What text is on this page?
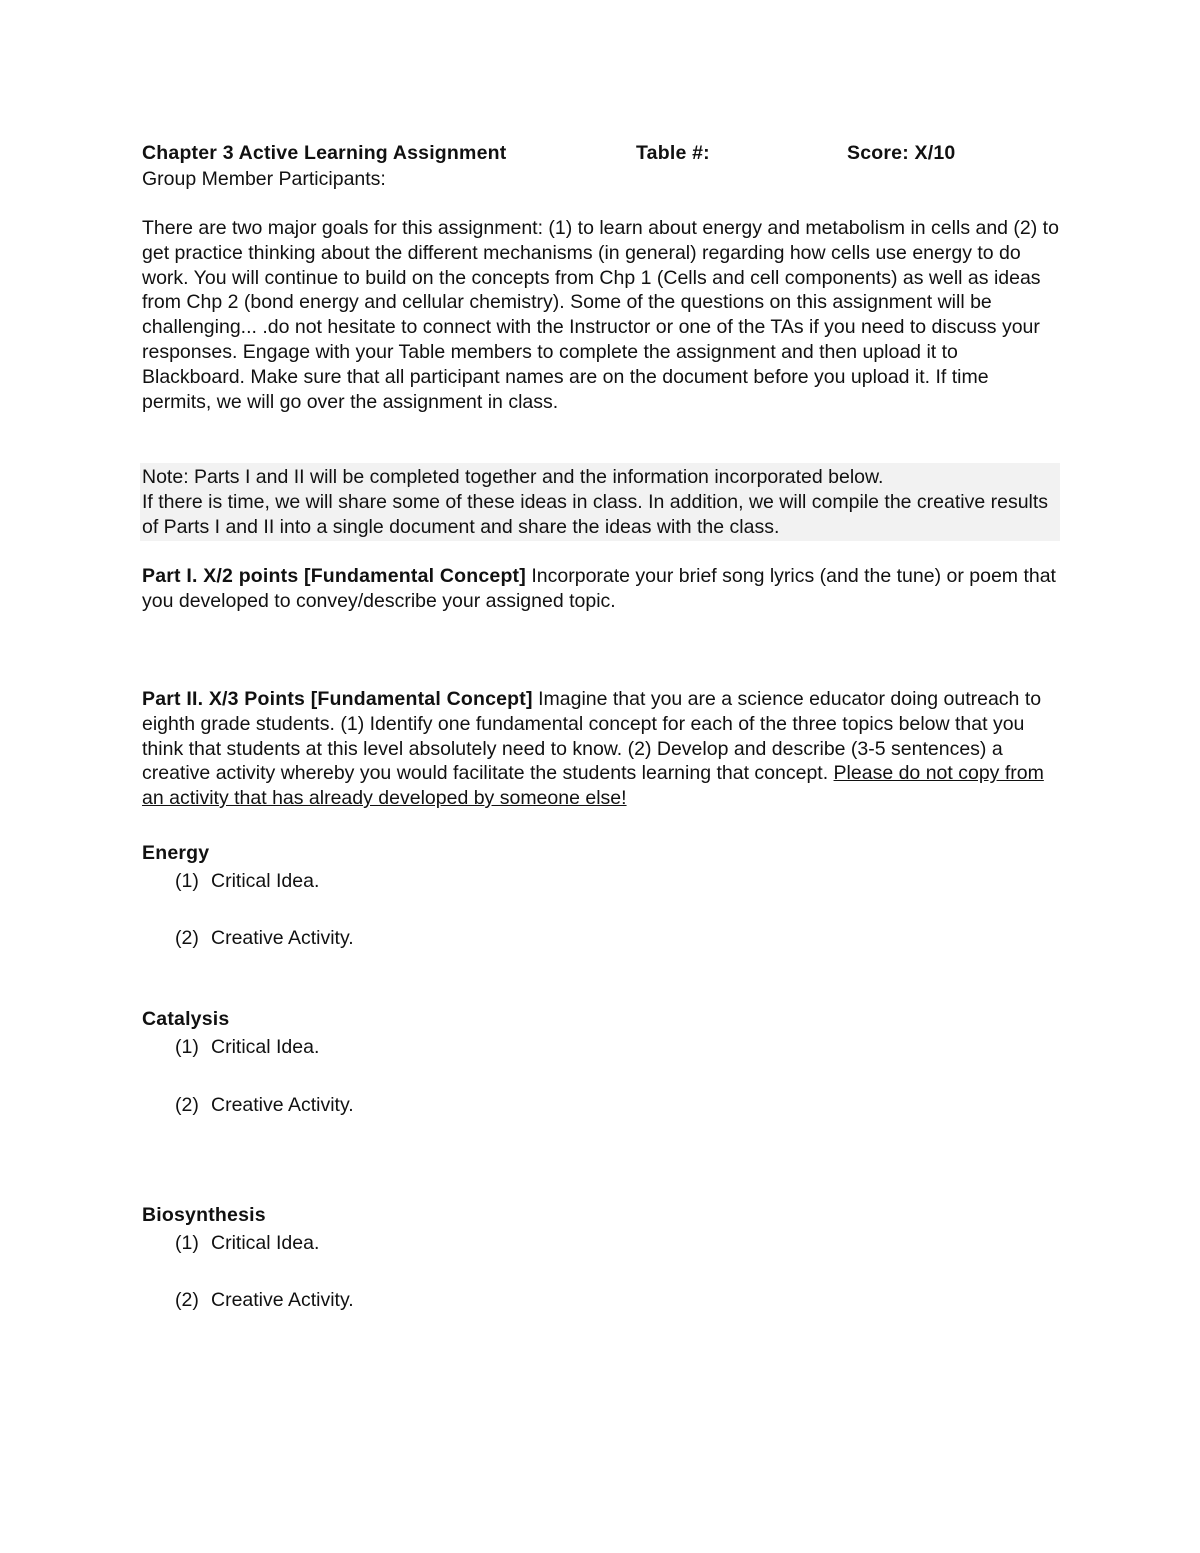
Chapter 3 Active Learning Assignment	Table #:	Score: X/10

Group Member Participants:

There are two major goals for this assignment: (1) to learn about energy and metabolism in cells and (2) to get practice thinking about the different mechanisms (in general) regarding how cells use energy to do work. You will continue to build on the concepts from Chp 1 (Cells and cell components) as well as ideas from Chp 2 (bond energy and cellular chemistry). Some of the questions on this assignment will be challenging... .do not hesitate to connect with the Instructor or one of the TAs if you need to discuss your responses. Engage with your Table members to complete the assignment and then upload it to Blackboard. Make sure that all participant names are on the document before you upload it. If time permits, we will go over the assignment in class.

Note: Parts I and II will be completed together and the information incorporated below.
If there is time, we will share some of these ideas in class. In addition, we will compile the creative results of Parts I and II into a single document and share the ideas with the class.

Part I. X/2 points [Fundamental Concept] Incorporate your brief song lyrics (and the tune) or poem that you developed to convey/describe your assigned topic.

Part II. X/3 Points [Fundamental Concept] Imagine that you are a science educator doing outreach to eighth grade students. (1) Identify one fundamental concept for each of the three topics below that you think that students at this level absolutely need to know. (2) Develop and describe (3-5 sentences) a creative activity whereby you would facilitate the students learning that concept. Please do not copy from an activity that has already developed by someone else!

Energy
(1) Critical Idea.
(2) Creative Activity.
Catalysis
(1) Critical Idea.
(2) Creative Activity.
Biosynthesis
(1) Critical Idea.
(2) Creative Activity.
